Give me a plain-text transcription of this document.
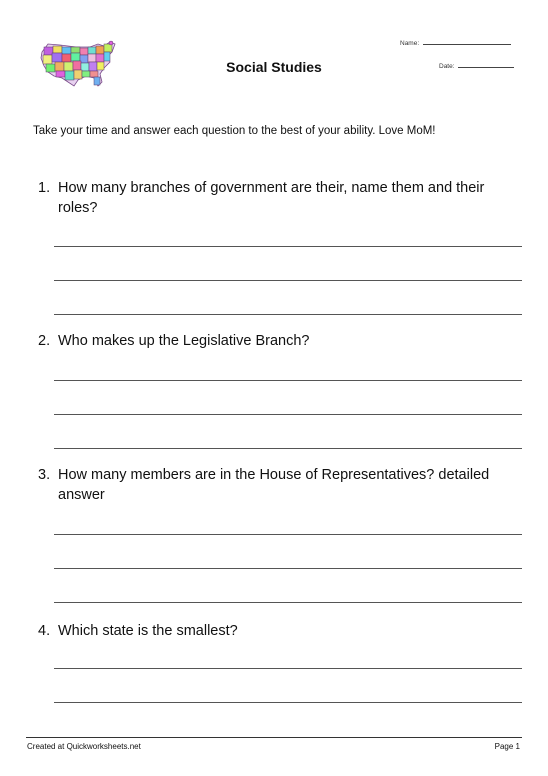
Social Studies
Name:
Date:
Take your time and answer each question to the best of your ability. Love MoM!
1. How many branches of government are their, name them and their roles?
2. Who makes up the Legislative Branch?
3. How many members are in the House of Representatives? detailed answer
4. Which state is the smallest?
Created at Quickworksheets.net	Page 1
